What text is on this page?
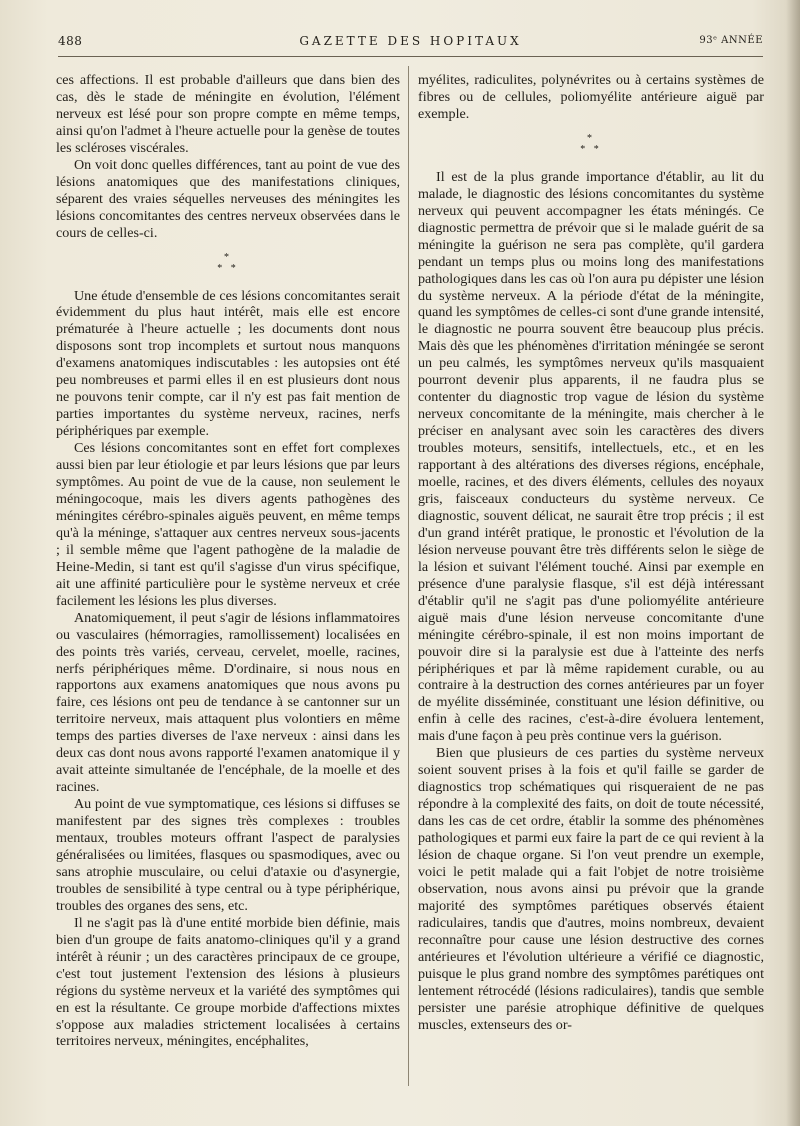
488	GAZETTE DES HOPITAUX	93ᵉ ANNÉE

ces affections. Il est probable d'ailleurs que dans bien des cas, dès le stade de méningite en évolution, l'élément nerveux est lésé pour son propre compte en même temps, ainsi qu'on l'admet à l'heure actuelle pour la genèse de toutes les scléroses viscérales.

On voit donc quelles différences, tant au point de vue des lésions anatomiques que des manifestations cliniques, séparent des vraies séquelles nerveuses des méningites les lésions concomitantes des centres nerveux observées dans le cours de celles-ci.

*
* *

Une étude d'ensemble de ces lésions concomitantes serait évidemment du plus haut intérêt, mais elle est encore prématurée à l'heure actuelle ; les documents dont nous disposons sont trop incomplets et surtout nous manquons d'examens anatomiques indiscutables : les autopsies ont été peu nombreuses et parmi elles il en est plusieurs dont nous ne pouvons tenir compte, car il n'y est pas fait mention de parties importantes du système nerveux, racines, nerfs périphériques par exemple.

Ces lésions concomitantes sont en effet fort complexes aussi bien par leur étiologie et par leurs lésions que par leurs symptômes. Au point de vue de la cause, non seulement le méningocoque, mais les divers agents pathogènes des méningites cérébro-spinales aiguës peuvent, en même temps qu'à la méninge, s'attaquer aux centres nerveux sous-jacents ; il semble même que l'agent pathogène de la maladie de Heine-Medin, si tant est qu'il s'agisse d'un virus spécifique, ait une affinité particulière pour le système nerveux et crée facilement les lésions les plus diverses.

Anatomiquement, il peut s'agir de lésions inflammatoires ou vasculaires (hémorragies, ramollissement) localisées en des points très variés, cerveau, cervelet, moelle, racines, nerfs périphériques même. D'ordinaire, si nous nous en rapportons aux examens anatomiques que nous avons pu faire, ces lésions ont peu de tendance à se cantonner sur un territoire nerveux, mais attaquent plus volontiers en même temps des parties diverses de l'axe nerveux : ainsi dans les deux cas dont nous avons rapporté l'examen anatomique il y avait atteinte simultanée de l'encéphale, de la moelle et des racines.

Au point de vue symptomatique, ces lésions si diffuses se manifestent par des signes très complexes : troubles mentaux, troubles moteurs offrant l'aspect de paralysies généralisées ou limitées, flasques ou spasmodiques, avec ou sans atrophie musculaire, ou celui d'ataxie ou d'asynergie, troubles de sensibilité à type central ou à type périphérique, troubles des organes des sens, etc.

Il ne s'agit pas là d'une entité morbide bien définie, mais bien d'un groupe de faits anatomo-cliniques qu'il y a grand intérêt à réunir ; un des caractères principaux de ce groupe, c'est tout justement l'extension des lésions à plusieurs régions du système nerveux et la variété des symptômes qui en est la résultante. Ce groupe morbide d'affections mixtes s'oppose aux maladies strictement localisées à certains territoires nerveux, méningites, encéphalites,

myélites, radiculites, polynévrites ou à certains systèmes de fibres ou de cellules, poliomyélite antérieure aiguë par exemple.

*
* *

Il est de la plus grande importance d'établir, au lit du malade, le diagnostic des lésions concomitantes du système nerveux qui peuvent accompagner les états méningés. Ce diagnostic permettra de prévoir que si le malade guérit de sa méningite la guérison ne sera pas complète, qu'il gardera pendant un temps plus ou moins long des manifestations pathologiques dans les cas où l'on aura pu dépister une lésion du système nerveux. A la période d'état de la méningite, quand les symptômes de celles-ci sont d'une grande intensité, le diagnostic ne pourra souvent être beaucoup plus précis. Mais dès que les phénomènes d'irritation méningée se seront un peu calmés, les symptômes nerveux qu'ils masquaient pourront devenir plus apparents, il ne faudra plus se contenter du diagnostic trop vague de lésion du système nerveux concomitante de la méningite, mais chercher à le préciser en analysant avec soin les caractères des divers troubles moteurs, sensitifs, intellectuels, etc., et en les rapportant à des altérations des diverses régions, encéphale, moelle, racines, et des divers éléments, cellules des noyaux gris, faisceaux conducteurs du système nerveux. Ce diagnostic, souvent délicat, ne saurait être trop précis ; il est d'un grand intérêt pratique, le pronostic et l'évolution de la lésion nerveuse pouvant être très différents selon le siège de la lésion et suivant l'élément touché. Ainsi par exemple en présence d'une paralysie flasque, s'il est déjà intéressant d'établir qu'il ne s'agit pas d'une poliomyélite antérieure aiguë mais d'une lésion nerveuse concomitante d'une méningite cérébro-spinale, il est non moins important de pouvoir dire si la paralysie est due à l'atteinte des nerfs périphériques et par là même rapidement curable, ou au contraire à la destruction des cornes antérieures par un foyer de myélite disséminée, constituant une lésion définitive, ou enfin à celle des racines, c'est-à-dire évoluera lentement, mais d'une façon à peu près continue vers la guérison.

Bien que plusieurs de ces parties du système nerveux soient souvent prises à la fois et qu'il faille se garder de diagnostics trop schématiques qui risqueraient de ne pas répondre à la complexité des faits, on doit de toute nécessité, dans les cas de cet ordre, établir la somme des phénomènes pathologiques et parmi eux faire la part de ce qui revient à la lésion de chaque organe. Si l'on veut prendre un exemple, voici le petit malade qui a fait l'objet de notre troisième observation, nous avons ainsi pu prévoir que la grande majorité des symptômes parétiques observés étaient radiculaires, tandis que d'autres, moins nombreux, devaient reconnaître pour cause une lésion destructive des cornes antérieures et l'évolution ultérieure a vérifié ce diagnostic, puisque le plus grand nombre des symptômes parétiques ont lentement rétrocédé (lésions radiculaires), tandis que semble persister une parésie atrophique définitive de quelques muscles, extenseurs des or-
